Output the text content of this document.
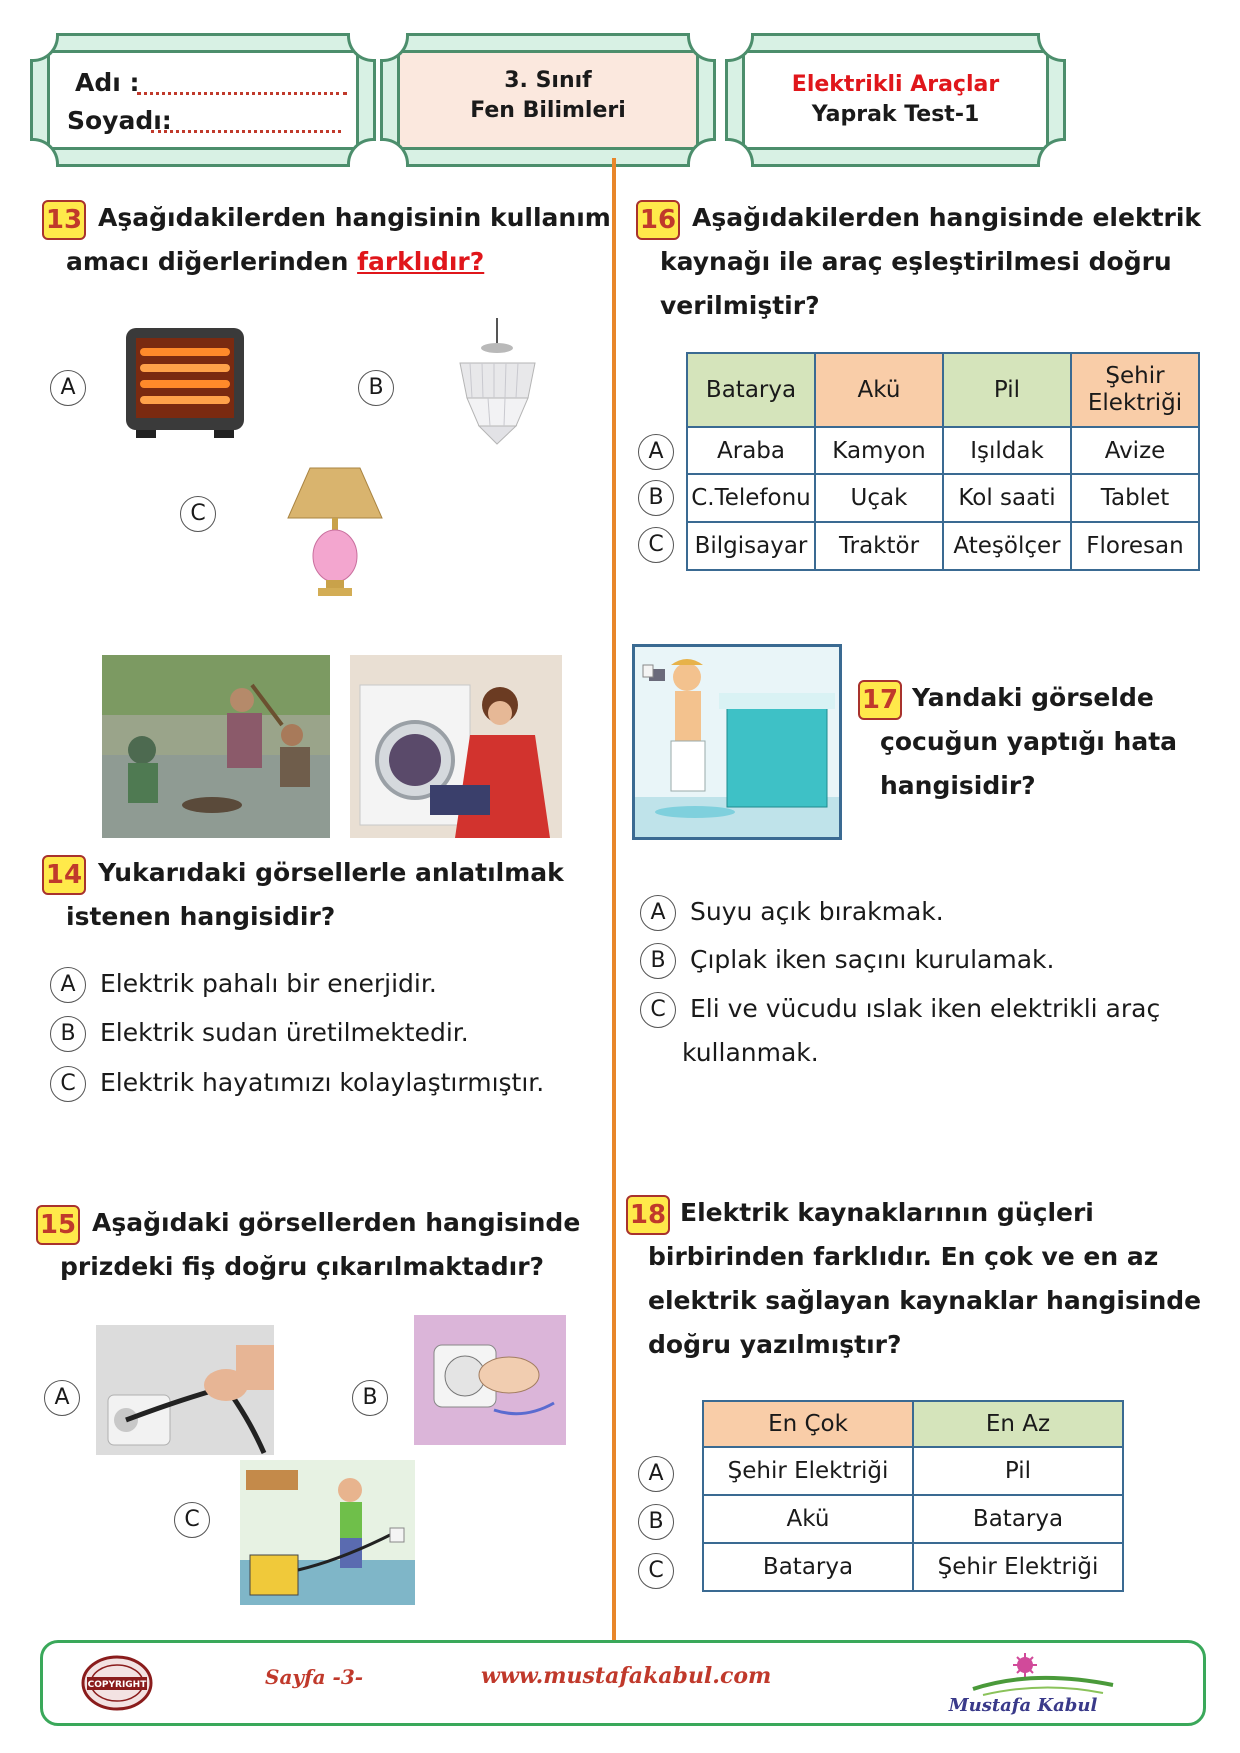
Adı :
Soyadı:
3. Sınıf
Fen Bilimleri
Elektrikli Araçlar
Yaprak Test-1
13 Aşağıdakilerden hangisinin kullanım
amacı diğerlerinden farklıdır?
A	B
C
14 Yukarıdaki görsellerle anlatılmak
istenen hangisidir?
A Elektrik pahalı bir enerjidir.
B Elektrik sudan üretilmektedir.
C Elektrik hayatımızı kolaylaştırmıştır.
15 Aşağıdaki görsellerden hangisinde
prizdeki fiş doğru çıkarılmaktadır?
A	B
C
16 Aşağıdakilerden hangisinde elektrik
kaynağı ile araç eşleştirilmesi doğru
verilmiştir?
Batarya	Akü	Pil	Şehir Elektriği
Araba	Kamyon	Işıldak	Avize
C.Telefonu	Uçak	Kol saati	Tablet
Bilgisayar	Traktör	Ateşölçer	Floresan
A
B
C
17 Yandaki görselde
çocuğun yaptığı hata
hangisidir?
A Suyu açık bırakmak.
B Çıplak iken saçını kurulamak.
C Eli ve vücudu ıslak iken elektrikli araç
kullanmak.
18 Elektrik kaynaklarının güçleri
birbirinden farklıdır. En çok ve en az
elektrik sağlayan kaynaklar hangisinde
doğru yazılmıştır?
En Çok	En Az
Şehir Elektriği	Pil
Akü	Batarya
Batarya	Şehir Elektriği
A
B
C
COPYRIGHT	Sayfa -3-	www.mustafakabul.com
Mustafa Kabul
